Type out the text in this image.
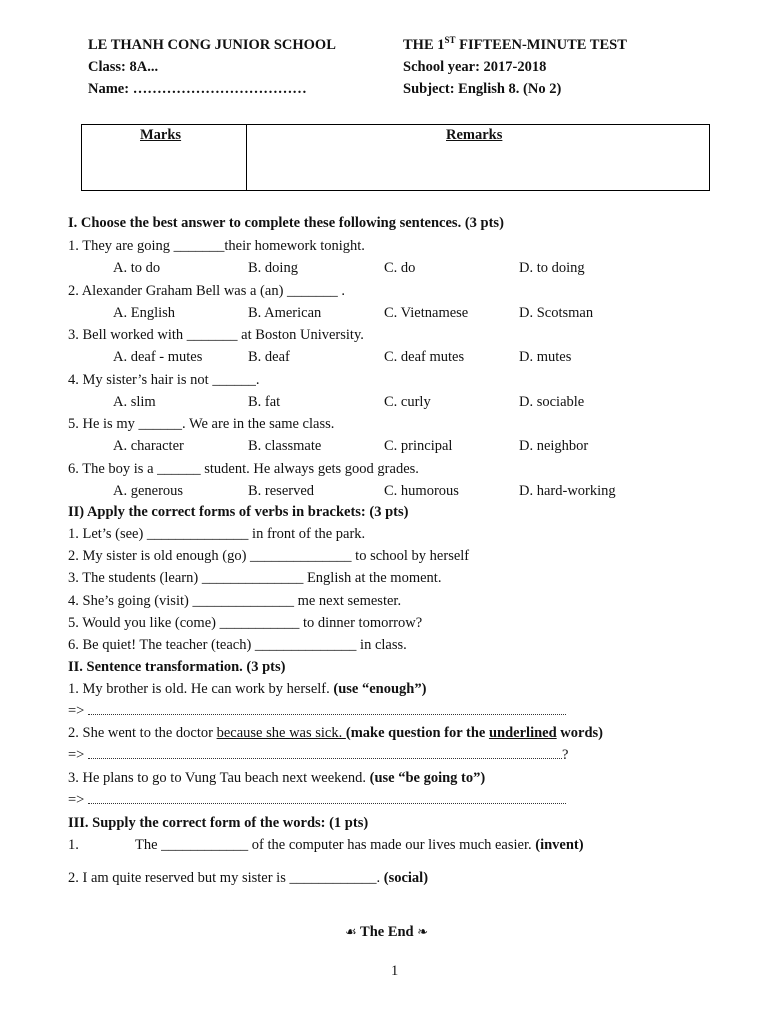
LE THANH CONG JUNIOR SCHOOL
Class: 8A...
Name: ………………………………
THE 1ST FIFTEEN-MINUTE TEST
School year: 2017-2018
Subject: English 8. (No 2)
Marks	Remarks
I. Choose the best answer to complete these following sentences. (3 pts)
1. They are going _______their homework tonight.
A. to do	B. doing	C. do	D. to doing
2. Alexander Graham Bell was a (an) _______ .
A. English	B. American	C. Vietnamese	D. Scotsman
3. Bell worked with _______ at Boston University.
A. deaf - mutes	B. deaf	C. deaf mutes	D. mutes
4. My sister’s hair is not ______.
A. slim	B. fat	C. curly	D. sociable
5. He is my ______. We are in the same class.
A. character	B. classmate	C. principal	D. neighbor
6. The boy is a ______ student. He always gets good grades.
A. generous	B. reserved	C. humorous	D. hard-working
II) Apply the correct forms of verbs in brackets: (3 pts)
1. Let’s (see) ______________ in front of the park.
2. My sister is old enough (go) ______________ to school by herself
3. The students (learn) ______________ English at the moment.
4. She’s going (visit) ______________ me next semester.
5. Would you like (come) ___________ to dinner tomorrow?
6. Be quiet! The teacher (teach) ______________ in class.
II. Sentence transformation. (3 pts)
1. My brother is old. He can work by herself. (use “enough”)
=>
2. She went to the doctor because she was sick. (make question for the underlined words)
=>	?
3. He plans to go to Vung Tau beach next weekend. (use “be going to”)
=>
III. Supply the correct form of the words: (1 pts)
1.	The ____________ of the computer has made our lives much easier. (invent)
2. I am quite reserved but my sister is ____________. (social)
☙ The End ❧
1
